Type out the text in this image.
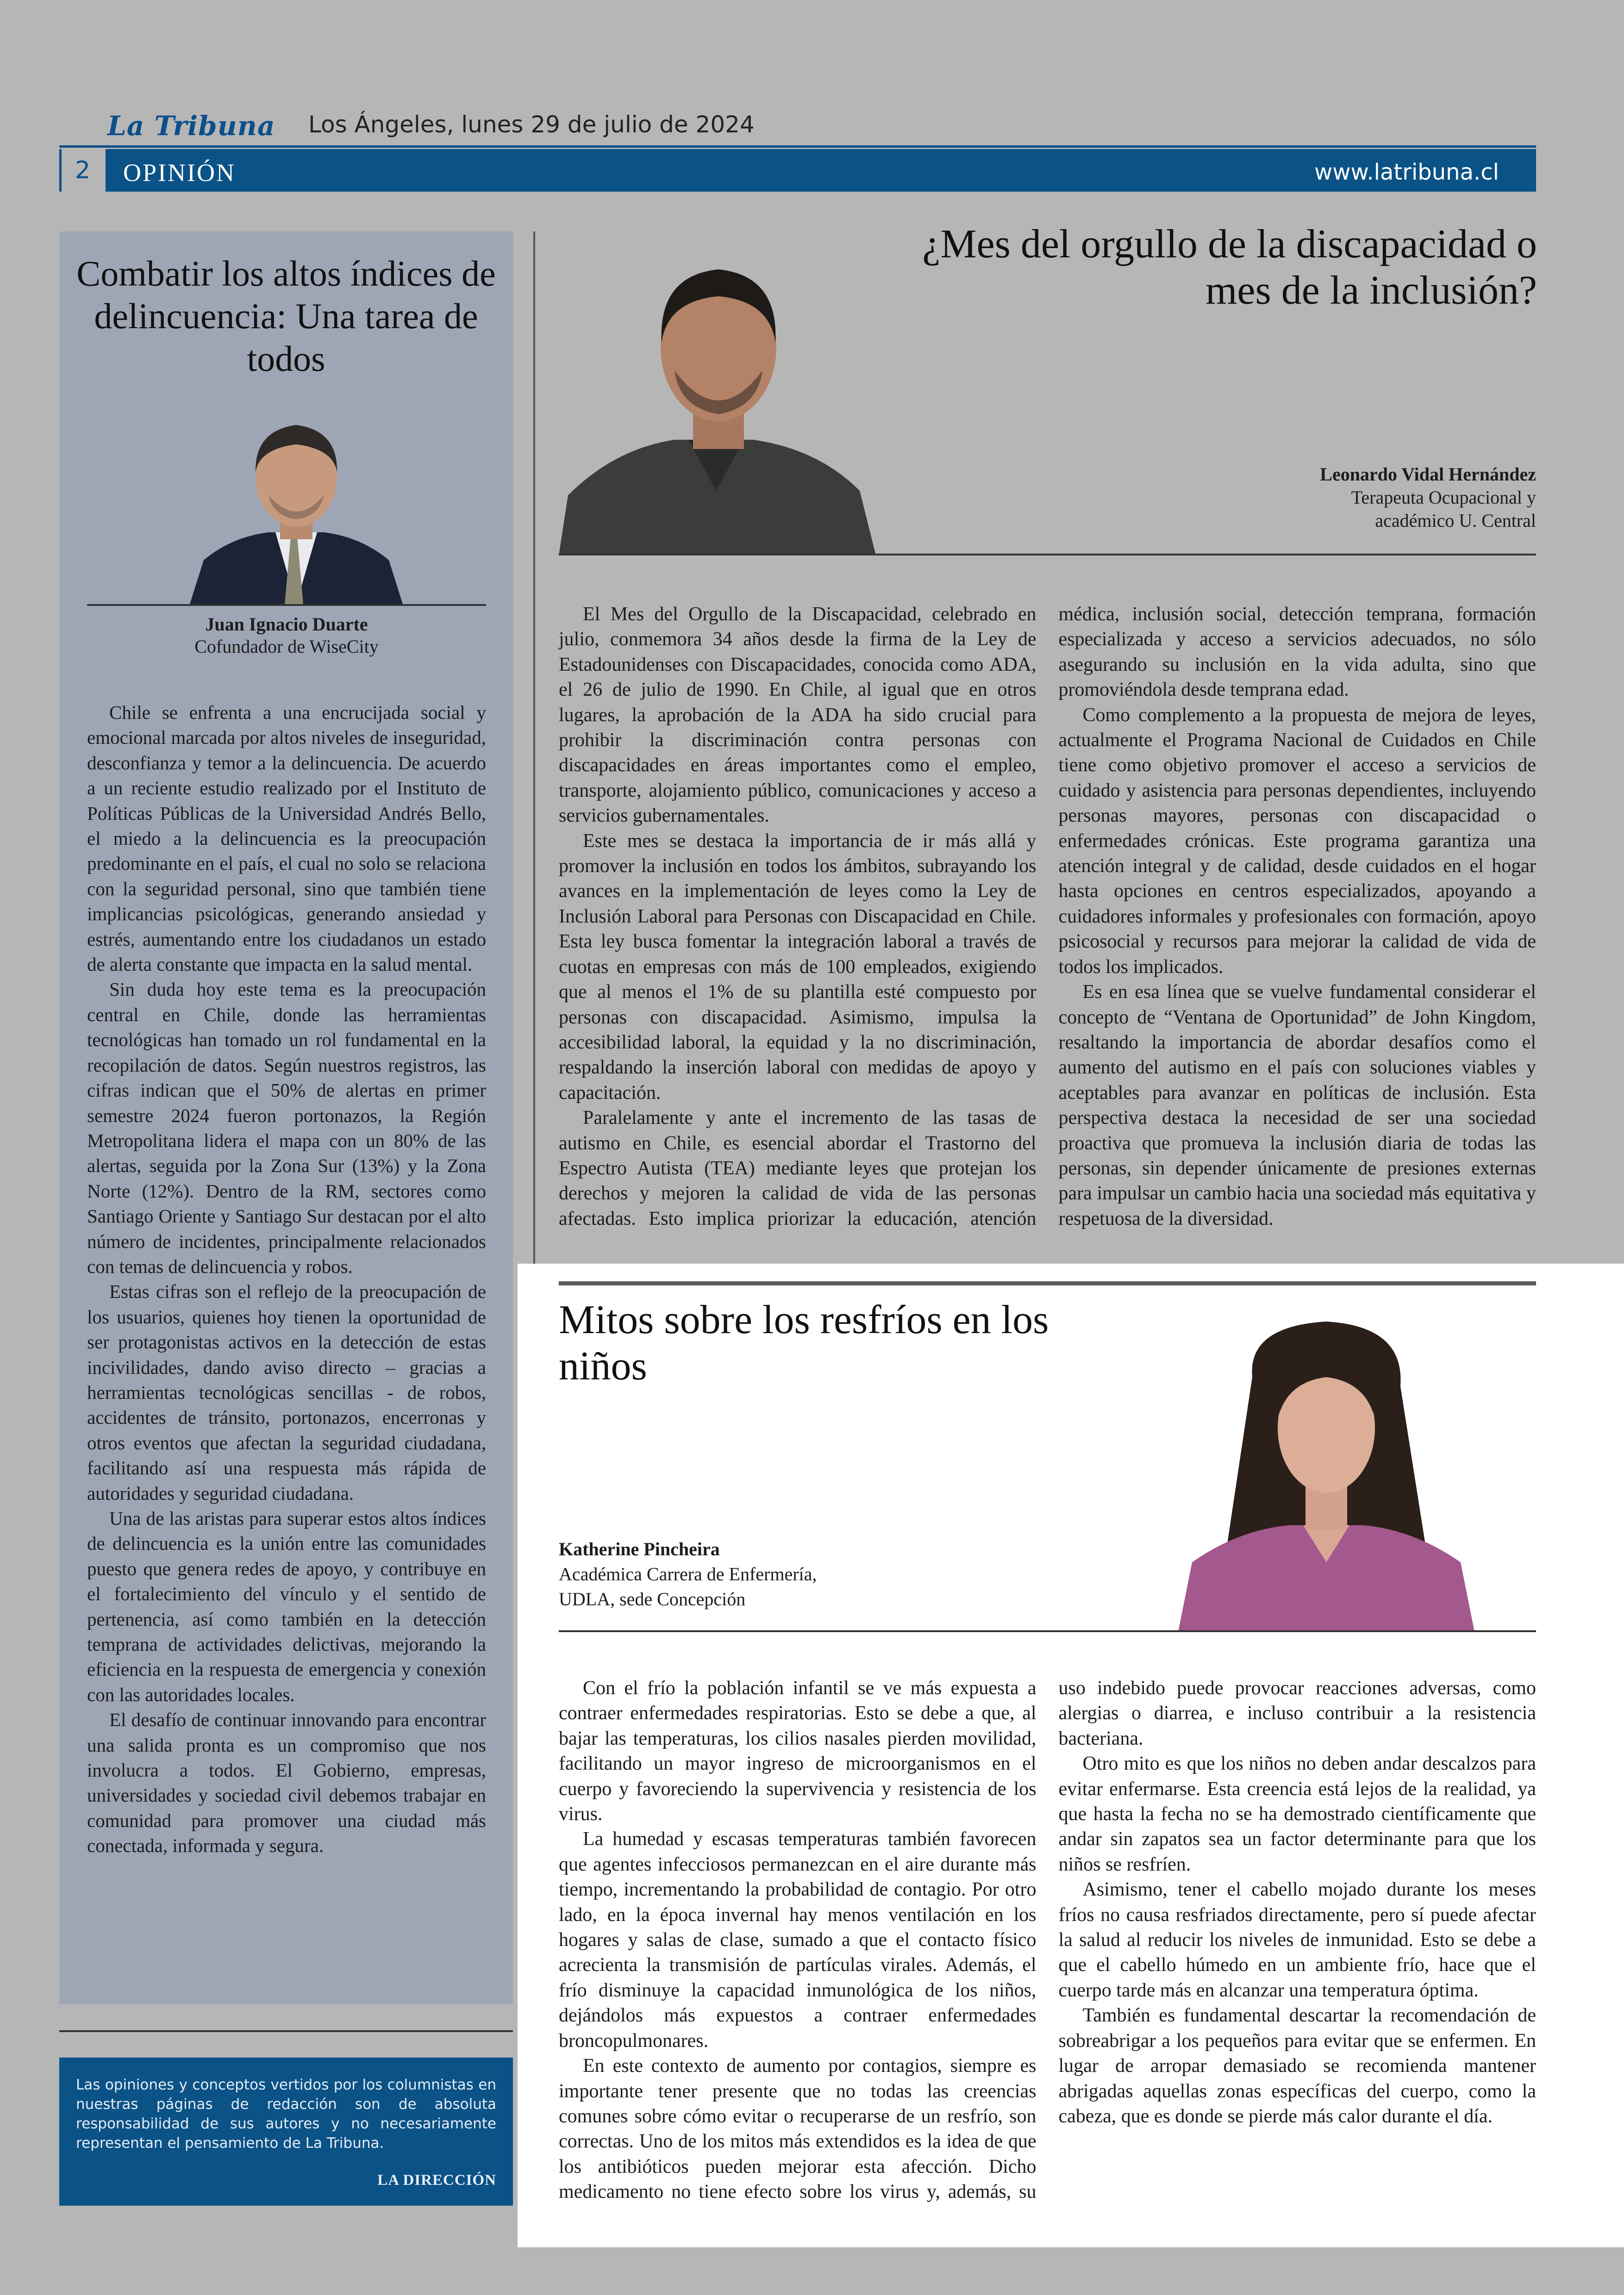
La Tribuna Los Ángeles, lunes 29 de julio de 2024
2	OPINIÓN	www.latribuna.cl
Combatir los altos índices de delincuencia: Una tarea de todos
Juan Ignacio Duarte
Cofundador de WiseCity

Chile se enfrenta a una encrucijada social y emocional marcada por altos niveles de inseguridad, desconfianza y temor a la delincuencia. De acuerdo a un reciente estudio realizado por el Instituto de Políticas Públicas de la Universidad Andrés Bello, el miedo a la delincuencia es la preocupación predominante en el país, el cual no solo se relaciona con la seguridad personal, sino que también tiene implicancias psicológicas, generando ansiedad y estrés, aumentando entre los ciudadanos un estado de alerta constante que impacta en la salud mental.

Sin duda hoy este tema es la preocupación central en Chile, donde las herramientas tecnológicas han tomado un rol fundamental en la recopilación de datos. Según nuestros registros, las cifras indican que el 50% de alertas en primer semestre 2024 fueron portonazos, la Región Metropolitana lidera el mapa con un 80% de las alertas, seguida por la Zona Sur (13%) y la Zona Norte (12%). Dentro de la RM, sectores como Santiago Oriente y Santiago Sur destacan por el alto número de incidentes, principalmente relacionados con temas de delincuencia y robos.

Estas cifras son el reflejo de la preocupación de los usuarios, quienes hoy tienen la oportunidad de ser protagonistas activos en la detección de estas incivilidades, dando aviso directo – gracias a herramientas tecnológicas sencillas - de robos, accidentes de tránsito, portonazos, encerronas y otros eventos que afectan la seguridad ciudadana, facilitando así una respuesta más rápida de autoridades y seguridad ciudadana.

Una de las aristas para superar estos altos índices de delincuencia es la unión entre las comunidades puesto que genera redes de apoyo, y contribuye en el fortalecimiento del vínculo y el sentido de pertenencia, así como también en la detección temprana de actividades delictivas, mejorando la eficiencia en la respuesta de emergencia y conexión con las autoridades locales.

El desafío de continuar innovando para encontrar una salida pronta es un compromiso que nos involucra a todos. El Gobierno, empresas, universidades y sociedad civil debemos trabajar en comunidad para promover una ciudad más conectada, informada y segura.

Las opiniones y conceptos vertidos por los columnistas en nuestras páginas de redacción son de absoluta responsabilidad de sus autores y no necesariamente representan el pensamiento de La Tribuna.
LA DIRECCIÓN
¿Mes del orgullo de la discapacidad o mes de la inclusión?
Leonardo Vidal Hernández
Terapeuta Ocupacional y
académico U. Central

El Mes del Orgullo de la Discapacidad, celebrado en julio, conmemora 34 años desde la firma de la Ley de Estadounidenses con Discapacidades, conocida como ADA, el 26 de julio de 1990. En Chile, al igual que en otros lugares, la aprobación de la ADA ha sido crucial para prohibir la discriminación contra personas con discapacidades en áreas importantes como el empleo, transporte, alojamiento público, comunicaciones y acceso a servicios gubernamentales.

Este mes se destaca la importancia de ir más allá y promover la inclusión en todos los ámbitos, subrayando los avances en la implementación de leyes como la Ley de Inclusión Laboral para Personas con Discapacidad en Chile. Esta ley busca fomentar la integración laboral a través de cuotas en empresas con más de 100 empleados, exigiendo que al menos el 1% de su plantilla esté compuesto por personas con discapacidad. Asimismo, impulsa la accesibilidad laboral, la equidad y la no discriminación, respaldando la inserción laboral con medidas de apoyo y capacitación.

Paralelamente y ante el incremento de las tasas de autismo en Chile, es esencial abordar el Trastorno del Espectro Autista (TEA) mediante leyes que protejan los derechos y mejoren la calidad de vida de las personas afectadas. Esto implica priorizar la educación, atención médica, inclusión social, detección temprana, formación especializada y acceso a servicios adecuados, no sólo asegurando su inclusión en la vida adulta, sino que promoviéndola desde temprana edad.

Como complemento a la propuesta de mejora de leyes, actualmente el Programa Nacional de Cuidados en Chile tiene como objetivo promover el acceso a servicios de cuidado y asistencia para personas dependientes, incluyendo personas mayores, personas con discapacidad o enfermedades crónicas. Este programa garantiza una atención integral y de calidad, desde cuidados en el hogar hasta opciones en centros especializados, apoyando a cuidadores informales y profesionales con formación, apoyo psicosocial y recursos para mejorar la calidad de vida de todos los implicados.

Es en esa línea que se vuelve fundamental considerar el concepto de “Ventana de Oportunidad” de John Kingdom, resaltando la importancia de abordar desafíos como el aumento del autismo en el país con soluciones viables y aceptables para avanzar en políticas de inclusión. Esta perspectiva destaca la necesidad de ser una sociedad proactiva que promueva la inclusión diaria de todas las personas, sin depender únicamente de presiones externas para impulsar un cambio hacia una sociedad más equitativa y respetuosa de la diversidad.

Mitos sobre los resfríos en los niños
Katherine Pincheira
Académica Carrera de Enfermería,
UDLA, sede Concepción

Con el frío la población infantil se ve más expuesta a contraer enfermedades respiratorias. Esto se debe a que, al bajar las temperaturas, los cilios nasales pierden movilidad, facilitando un mayor ingreso de microorganismos en el cuerpo y favoreciendo la supervivencia y resistencia de los virus.

La humedad y escasas temperaturas también favorecen que agentes infecciosos permanezcan en el aire durante más tiempo, incrementando la probabilidad de contagio. Por otro lado, en la época invernal hay menos ventilación en los hogares y salas de clase, sumado a que el contacto físico acrecienta la transmisión de partículas virales. Además, el frío disminuye la capacidad inmunológica de los niños, dejándolos más expuestos a contraer enfermedades broncopulmonares.

En este contexto de aumento por contagios, siempre es importante tener presente que no todas las creencias comunes sobre cómo evitar o recuperarse de un resfrío, son correctas. Uno de los mitos más extendidos es la idea de que los antibióticos pueden mejorar esta afección. Dicho medicamento no tiene efecto sobre los virus y, además, su uso indebido puede provocar reacciones adversas, como alergias o diarrea, e incluso contribuir a la resistencia bacteriana.

Otro mito es que los niños no deben andar descalzos para evitar enfermarse. Esta creencia está lejos de la realidad, ya que hasta la fecha no se ha demostrado científicamente que andar sin zapatos sea un factor determinante para que los niños se resfríen.

Asimismo, tener el cabello mojado durante los meses fríos no causa resfriados directamente, pero sí puede afectar la salud al reducir los niveles de inmunidad. Esto se debe a que el cabello húmedo en un ambiente frío, hace que el cuerpo tarde más en alcanzar una temperatura óptima.

También es fundamental descartar la recomendación de sobreabrigar a los pequeños para evitar que se enfermen. En lugar de arropar demasiado se recomienda mantener abrigadas aquellas zonas específicas del cuerpo, como la cabeza, que es donde se pierde más calor durante el día.
